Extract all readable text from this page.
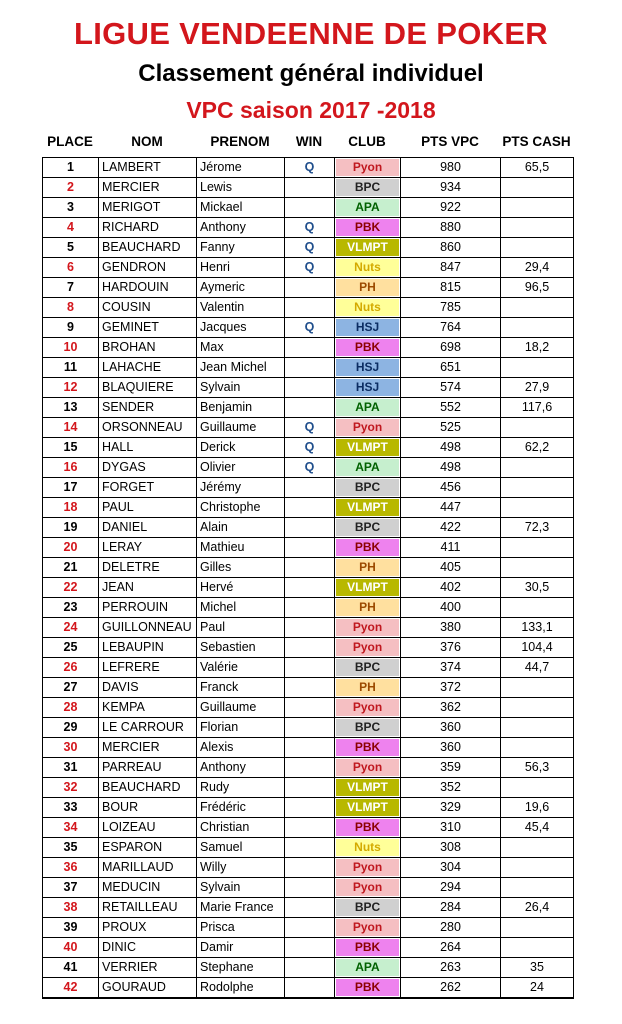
LIGUE VENDEENNE DE POKER
Classement général individuel
VPC saison 2017 -2018
PLACE	NOM	PRENOM	WIN	CLUB	PTS VPC	PTS CASH
1	LAMBERT	Jérome	Q	Pyon	980	65,5
2	MERCIER	Lewis		BPC	934	
3	MERIGOT	Mickael		APA	922	
4	RICHARD	Anthony	Q	PBK	880	
5	BEAUCHARD	Fanny	Q	VLMPT	860	
6	GENDRON	Henri	Q	Nuts	847	29,4
7	HARDOUIN	Aymeric		PH	815	96,5
8	COUSIN	Valentin		Nuts	785	
9	GEMINET	Jacques	Q	HSJ	764	
10	BROHAN	Max		PBK	698	18,2
11	LAHACHE	Jean Michel		HSJ	651	
12	BLAQUIERE	Sylvain		HSJ	574	27,9
13	SENDER	Benjamin		APA	552	117,6
14	ORSONNEAU	Guillaume	Q	Pyon	525	
15	HALL	Derick	Q	VLMPT	498	62,2
16	DYGAS	Olivier	Q	APA	498	
17	FORGET	Jérémy		BPC	456	
18	PAUL	Christophe		VLMPT	447	
19	DANIEL	Alain		BPC	422	72,3
20	LERAY	Mathieu		PBK	411	
21	DELETRE	Gilles		PH	405	
22	JEAN	Hervé		VLMPT	402	30,5
23	PERROUIN	Michel		PH	400	
24	GUILLONNEAU	Paul		Pyon	380	133,1
25	LEBAUPIN	Sebastien		Pyon	376	104,4
26	LEFRERE	Valérie		BPC	374	44,7
27	DAVIS	Franck		PH	372	
28	KEMPA	Guillaume		Pyon	362	
29	LE CARROUR	Florian		BPC	360	
30	MERCIER	Alexis		PBK	360	
31	PARREAU	Anthony		Pyon	359	56,3
32	BEAUCHARD	Rudy		VLMPT	352	
33	BOUR	Frédéric		VLMPT	329	19,6
34	LOIZEAU	Christian		PBK	310	45,4
35	ESPARON	Samuel		Nuts	308	
36	MARILLAUD	Willy		Pyon	304	
37	MEDUCIN	Sylvain		Pyon	294	
38	RETAILLEAU	Marie France		BPC	284	26,4
39	PROUX	Prisca		Pyon	280	
40	DINIC	Damir		PBK	264	
41	VERRIER	Stephane		APA	263	35
42	GOURAUD	Rodolphe		PBK	262	24
